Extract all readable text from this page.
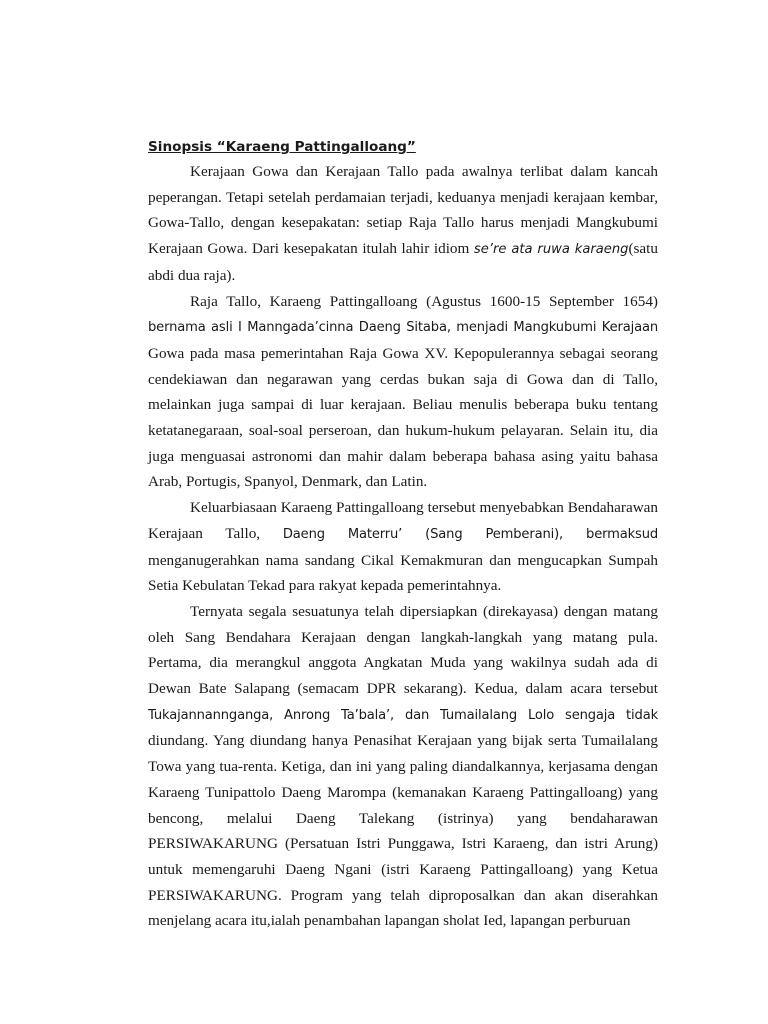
Sinopsis “Karaeng Pattingalloang”

Kerajaan Gowa dan Kerajaan Tallo pada awalnya terlibat dalam kancah peperangan. Tetapi setelah perdamaian terjadi, keduanya menjadi kerajaan kembar, Gowa-Tallo, dengan kesepakatan: setiap Raja Tallo harus menjadi Mangkubumi Kerajaan Gowa. Dari kesepakatan itulah lahir idiom se’re ata ruwa karaeng(satu abdi dua raja).

Raja Tallo, Karaeng Pattingalloang (Agustus 1600-15 September 1654) bernama asli I Manngada’cinna Daeng Sitaba, menjadi Mangkubumi Kerajaan Gowa pada masa pemerintahan Raja Gowa XV. Kepopulerannya sebagai seorang cendekiawan dan negarawan yang cerdas bukan saja di Gowa dan di Tallo, melainkan juga sampai di luar kerajaan. Beliau menulis beberapa buku tentang ketatanegaraan, soal-soal perseroan, dan hukum-hukum pelayaran. Selain itu, dia juga menguasai astronomi dan mahir dalam beberapa bahasa asing yaitu bahasa Arab, Portugis, Spanyol, Denmark, dan Latin.

Keluarbiasaan Karaeng Pattingalloang tersebut menyebabkan Bendaharawan Kerajaan Tallo, Daeng Materru’ (Sang Pemberani), bermaksud menganugerahkan nama sandang Cikal Kemakmuran dan mengucapkan Sumpah Setia Kebulatan Tekad para rakyat kepada pemerintahnya.

Ternyata segala sesuatunya telah dipersiapkan (direkayasa) dengan matang oleh Sang Bendahara Kerajaan dengan langkah-langkah yang matang pula. Pertama, dia merangkul anggota Angkatan Muda yang wakilnya sudah ada di Dewan Bate Salapang (semacam DPR sekarang). Kedua, dalam acara tersebut Tukajannannganga, Anrong Ta’bala’, dan Tumailalang Lolo sengaja tidak diundang. Yang diundang hanya Penasihat Kerajaan yang bijak serta Tumailalang Towa yang tua-renta. Ketiga, dan ini yang paling diandalkannya, kerjasama dengan Karaeng Tunipattolo Daeng Marompa (kemanakan Karaeng Pattingalloang) yang bencong, melalui Daeng Talekang (istrinya) yang bendaharawan PERSIWAKARUNG (Persatuan Istri Punggawa, Istri Karaeng, dan istri Arung) untuk memengaruhi Daeng Ngani (istri Karaeng Pattingalloang) yang Ketua PERSIWAKARUNG. Program yang telah diproposalkan dan akan diserahkan menjelang acara itu,ialah penambahan lapangan sholat Ied, lapangan perburuan
